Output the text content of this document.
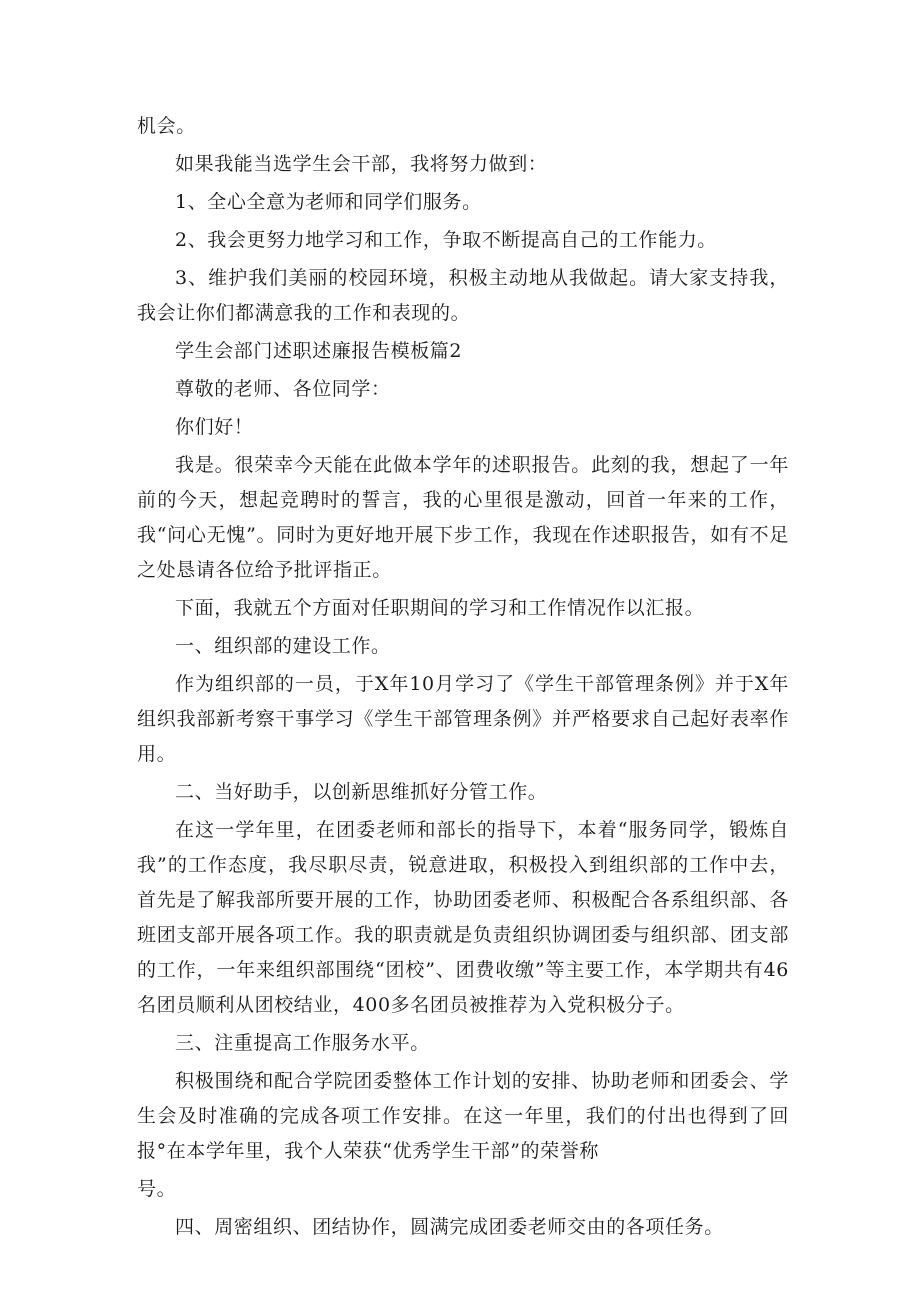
机会。

如果我能当选学生会干部，我将努力做到：

1、全心全意为老师和同学们服务。

2、我会更努力地学习和工作，争取不断提高自己的工作能力。

3、维护我们美丽的校园环境，积极主动地从我做起。请大家支持我，我会让你们都满意我的工作和表现的。

学生会部门述职述廉报告模板篇2

尊敬的老师、各位同学：

你们好！

我是。很荣幸今天能在此做本学年的述职报告。此刻的我，想起了一年前的今天，想起竞聘时的誓言，我的心里很是激动，回首一年来的工作，我“问心无愧”。同时为更好地开展下步工作，我现在作述职报告，如有不足之处恳请各位给予批评指正。

下面，我就五个方面对任职期间的学习和工作情况作以汇报。

一、组织部的建设工作。

作为组织部的一员，于X年10月学习了《学生干部管理条例》并于X年组织我部新考察干事学习《学生干部管理条例》并严格要求自己起好表率作用。

二、当好助手，以创新思维抓好分管工作。

在这一学年里，在团委老师和部长的指导下，本着“服务同学，锻炼自我”的工作态度，我尽职尽责，锐意进取，积极投入到组织部的工作中去，首先是了解我部所要开展的工作，协助团委老师、积极配合各系组织部、各班团支部开展各项工作。我的职责就是负责组织协调团委与组织部、团支部的工作，一年来组织部围绕“团校”、团费收缴”等主要工作，本学期共有46名团员顺利从团校结业，400多名团员被推荐为入党积极分子。

三、注重提高工作服务水平。

积极围绕和配合学院团委整体工作计划的安排、协助老师和团委会、学生会及时准确的完成各项工作安排。在这一年里，我们的付出也得到了回报°在本学年里，我个人荣获“优秀学生干部”的荣誉称

号。

四、周密组织、团结协作，圆满完成团委老师交由的各项任务。
